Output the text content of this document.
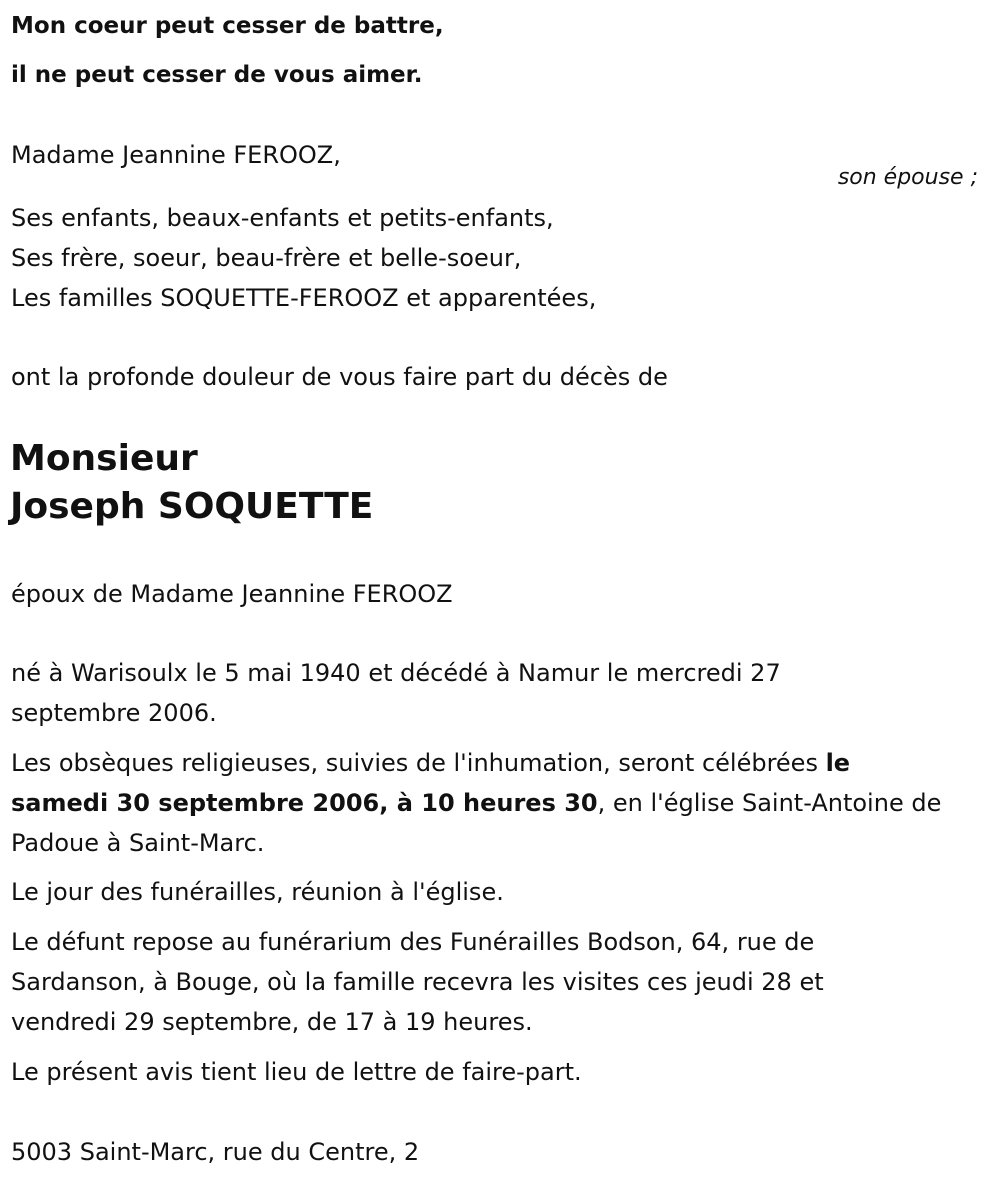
Mon coeur peut cesser de battre,
il ne peut cesser de vous aimer.
Madame Jeannine FEROOZ,
son épouse ;
Ses enfants, beaux-enfants et petits-enfants,
Ses frère, soeur, beau-frère et belle-soeur,
Les familles SOQUETTE-FEROOZ et apparentées,
ont la profonde douleur de vous faire part du décès de
Monsieur
Joseph SOQUETTE
époux de Madame Jeannine FEROOZ
né à Warisoulx le 5 mai 1940 et décédé à Namur le mercredi 27
septembre 2006.
Les obsèques religieuses, suivies de l'inhumation, seront célébrées le
samedi 30 septembre 2006, à 10 heures 30, en l'église Saint-Antoine de
Padoue à Saint-Marc.
Le jour des funérailles, réunion à l'église.
Le défunt repose au funérarium des Funérailles Bodson, 64, rue de
Sardanson, à Bouge, où la famille recevra les visites ces jeudi 28 et
vendredi 29 septembre, de 17 à 19 heures.
Le présent avis tient lieu de lettre de faire-part.
5003 Saint-Marc, rue du Centre, 2
